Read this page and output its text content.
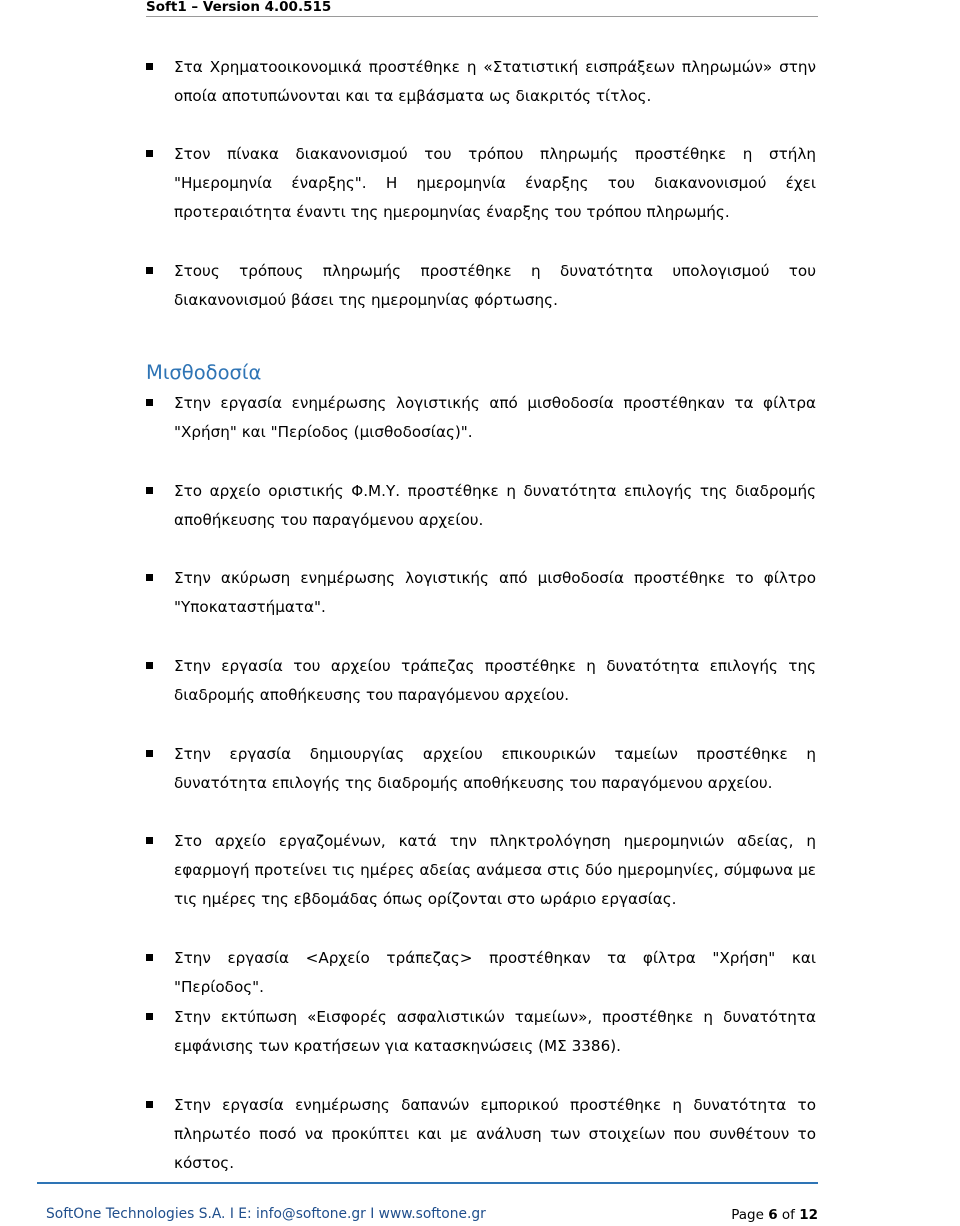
Soft1 – Version 4.00.515
Στα Χρηματοοικονομικά προστέθηκε η «Στατιστική εισπράξεων πληρωμών» στην οποία αποτυπώνονται και τα εμβάσματα ως διακριτός τίτλος.
Στον πίνακα διακανονισμού του τρόπου πληρωμής προστέθηκε η στήλη "Ημερομηνία έναρξης". Η ημερομηνία έναρξης του διακανονισμού έχει προτεραιότητα έναντι της ημερομηνίας έναρξης του τρόπου πληρωμής.
Στους τρόπους πληρωμής προστέθηκε η δυνατότητα υπολογισμού του διακανονισμού βάσει της ημερομηνίας φόρτωσης.
Μισθοδοσία
Στην εργασία ενημέρωσης λογιστικής από μισθοδοσία προστέθηκαν τα φίλτρα "Χρήση" και "Περίοδος (μισθοδοσίας)".
Στο αρχείο οριστικής Φ.Μ.Υ. προστέθηκε η δυνατότητα επιλογής της διαδρομής αποθήκευσης του παραγόμενου αρχείου.
Στην ακύρωση ενημέρωσης λογιστικής από μισθοδοσία προστέθηκε το φίλτρο "Υποκαταστήματα".
Στην εργασία του αρχείου τράπεζας προστέθηκε η δυνατότητα επιλογής της διαδρομής αποθήκευσης του παραγόμενου αρχείου.
Στην εργασία δημιουργίας αρχείου επικουρικών ταμείων προστέθηκε η δυνατότητα επιλογής της διαδρομής αποθήκευσης του παραγόμενου αρχείου.
Στο αρχείο εργαζομένων, κατά την πληκτρολόγηση ημερομηνιών αδείας, η εφαρμογή προτείνει τις ημέρες αδείας ανάμεσα στις δύο ημερομηνίες, σύμφωνα με τις ημέρες της εβδομάδας όπως ορίζονται στο ωράριο εργασίας.
Στην εργασία <Αρχείο τράπεζας> προστέθηκαν τα φίλτρα "Χρήση" και "Περίοδος".
Στην εκτύπωση «Εισφορές ασφαλιστικών ταμείων», προστέθηκε η δυνατότητα εμφάνισης των κρατήσεων για κατασκηνώσεις (ΜΣ 3386).
Στην εργασία ενημέρωσης δαπανών εμπορικού προστέθηκε η δυνατότητα το πληρωτέο ποσό να προκύπτει και με ανάλυση των στοιχείων που συνθέτουν το κόστος.
SoftOne Technologies S.A. I E: info@softone.gr I www.softone.gr	Page 6 of 12
